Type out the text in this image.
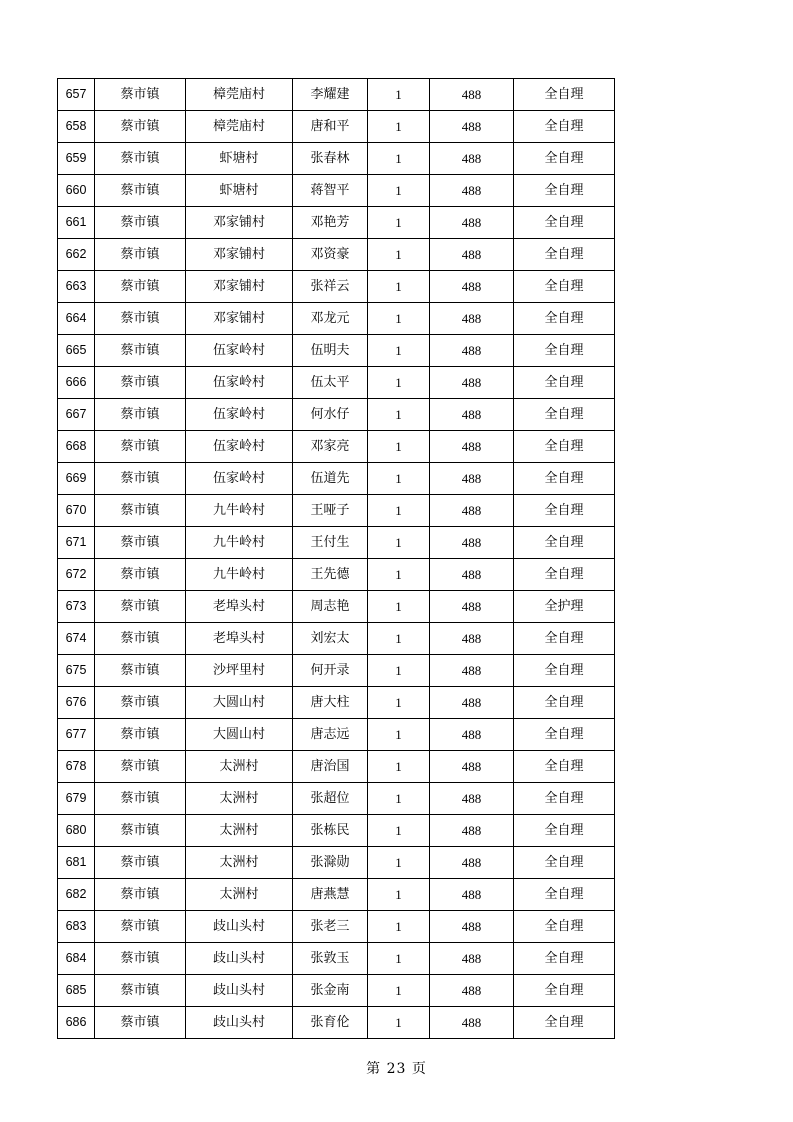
657	蔡市镇	樟莞庙村	李耀建	1	488	全自理
658	蔡市镇	樟莞庙村	唐和平	1	488	全自理
659	蔡市镇	虾塘村	张春林	1	488	全自理
660	蔡市镇	虾塘村	蒋智平	1	488	全自理
661	蔡市镇	邓家铺村	邓艳芳	1	488	全自理
662	蔡市镇	邓家铺村	邓资豪	1	488	全自理
663	蔡市镇	邓家铺村	张祥云	1	488	全自理
664	蔡市镇	邓家铺村	邓龙元	1	488	全自理
665	蔡市镇	伍家岭村	伍明夫	1	488	全自理
666	蔡市镇	伍家岭村	伍太平	1	488	全自理
667	蔡市镇	伍家岭村	何水仔	1	488	全自理
668	蔡市镇	伍家岭村	邓家亮	1	488	全自理
669	蔡市镇	伍家岭村	伍道先	1	488	全自理
670	蔡市镇	九牛岭村	王哑子	1	488	全自理
671	蔡市镇	九牛岭村	王付生	1	488	全自理
672	蔡市镇	九牛岭村	王先德	1	488	全自理
673	蔡市镇	老埠头村	周志艳	1	488	全护理
674	蔡市镇	老埠头村	刘宏太	1	488	全自理
675	蔡市镇	沙坪里村	何开录	1	488	全自理
676	蔡市镇	大圆山村	唐大柱	1	488	全自理
677	蔡市镇	大圆山村	唐志远	1	488	全自理
678	蔡市镇	太洲村	唐治国	1	488	全自理
679	蔡市镇	太洲村	张超位	1	488	全自理
680	蔡市镇	太洲村	张栋民	1	488	全自理
681	蔡市镇	太洲村	张滁勋	1	488	全自理
682	蔡市镇	太洲村	唐燕慧	1	488	全自理
683	蔡市镇	歧山头村	张老三	1	488	全自理
684	蔡市镇	歧山头村	张敦玉	1	488	全自理
685	蔡市镇	歧山头村	张金南	1	488	全自理
686	蔡市镇	歧山头村	张育伦	1	488	全自理
第 23 页
